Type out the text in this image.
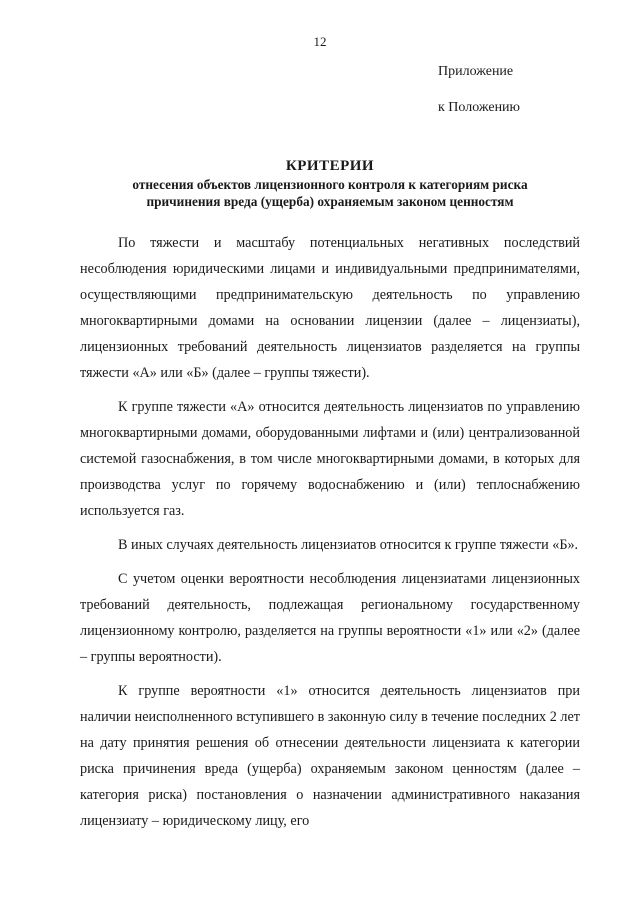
12
Приложение
к Положению
КРИТЕРИИ
отнесения объектов лицензионного контроля к категориям риска причинения вреда (ущерба) охраняемым законом ценностям

По тяжести и масштабу потенциальных негативных последствий несоблюдения юридическими лицами и индивидуальными предпринимателями, осуществляющими предпринимательскую деятельность по управлению многоквартирными домами на основании лицензии (далее – лицензиаты), лицензионных требований деятельность лицензиатов разделяется на группы тяжести «А» или «Б» (далее – группы тяжести).

К группе тяжести «А» относится деятельность лицензиатов по управлению многоквартирными домами, оборудованными лифтами и (или) централизованной системой газоснабжения, в том числе многоквартирными домами, в которых для производства услуг по горячему водоснабжению и (или) теплоснабжению используется газ.

В иных случаях деятельность лицензиатов относится к группе тяжести «Б».

С учетом оценки вероятности несоблюдения лицензиатами лицензионных требований деятельность, подлежащая региональному государственному лицензионному контролю, разделяется на группы вероятности «1» или «2» (далее – группы вероятности).

К группе вероятности «1» относится деятельность лицензиатов при наличии неисполненного вступившего в законную силу в течение последних 2 лет на дату принятия решения об отнесении деятельности лицензиата к категории риска причинения вреда (ущерба) охраняемым законом ценностям (далее – категория риска) постановления о назначении административного наказания лицензиату – юридическому лицу, его
